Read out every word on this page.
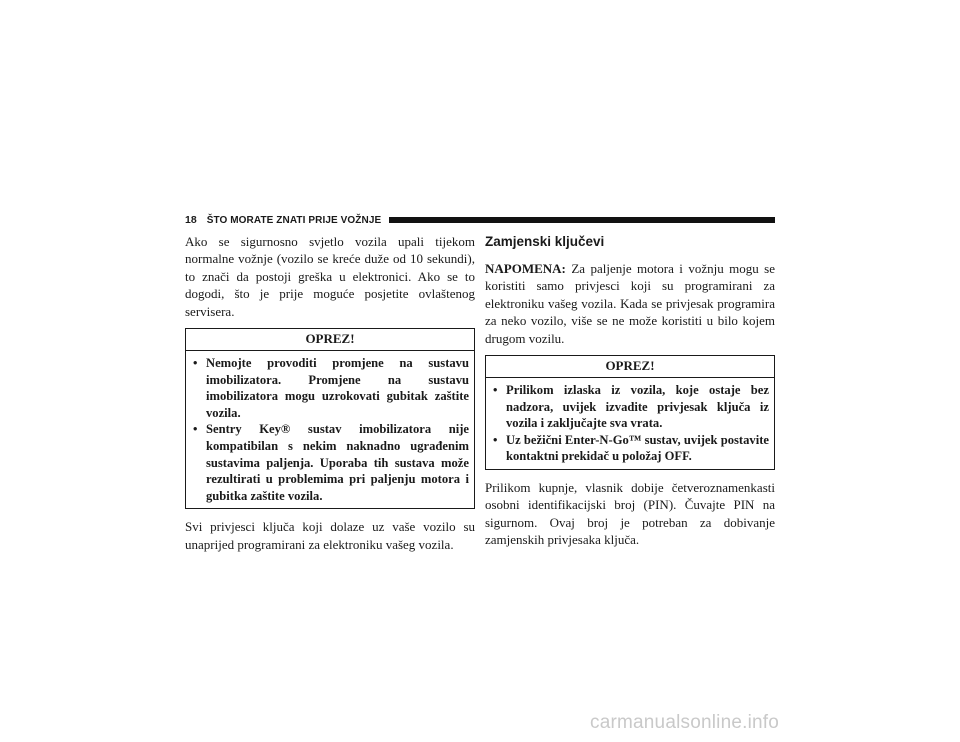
18 ŠTO MORATE ZNATI PRIJE VOŽNJE

Ako se sigurnosno svjetlo vozila upali tijekom normalne vožnje (vozilo se kreće duže od 10 sekundi), to znači da postoji greška u elektronici. Ako se to dogodi, što je prije moguće posjetite ovlaštenog servisera.

OPREZ!
• Nemojte provoditi promjene na sustavu imobilizatora. Promjene na sustavu imobilizatora mogu uzrokovati gubitak zaštite vozila.
• Sentry Key® sustav imobilizatora nije kompatibilan s nekim naknadno ugrađenim sustavima paljenja. Uporaba tih sustava može rezultirati u problemima pri paljenju motora i gubitka zaštite vozila.

Svi privjesci ključa koji dolaze uz vaše vozilo su unaprijed programirani za elektroniku vašeg vozila.

Zamjenski ključevi

NAPOMENA: Za paljenje motora i vožnju mogu se koristiti samo privjesci koji su programirani za elektroniku vašeg vozila. Kada se privjesak programira za neko vozilo, više se ne može koristiti u bilo kojem drugom vozilu.

OPREZ!
• Prilikom izlaska iz vozila, koje ostaje bez nadzora, uvijek izvadite privjesak ključa iz vozila i zaključajte sva vrata.
• Uz bežični Enter-N-Go™ sustav, uvijek postavite kontaktni prekidač u položaj OFF.

Prilikom kupnje, vlasnik dobije četveroznamenkasti osobni identifikacijski broj (PIN). Čuvajte PIN na sigurnom. Ovaj broj je potreban za dobivanje zamjenskih privjesaka ključa.

carmanualsonline.info
